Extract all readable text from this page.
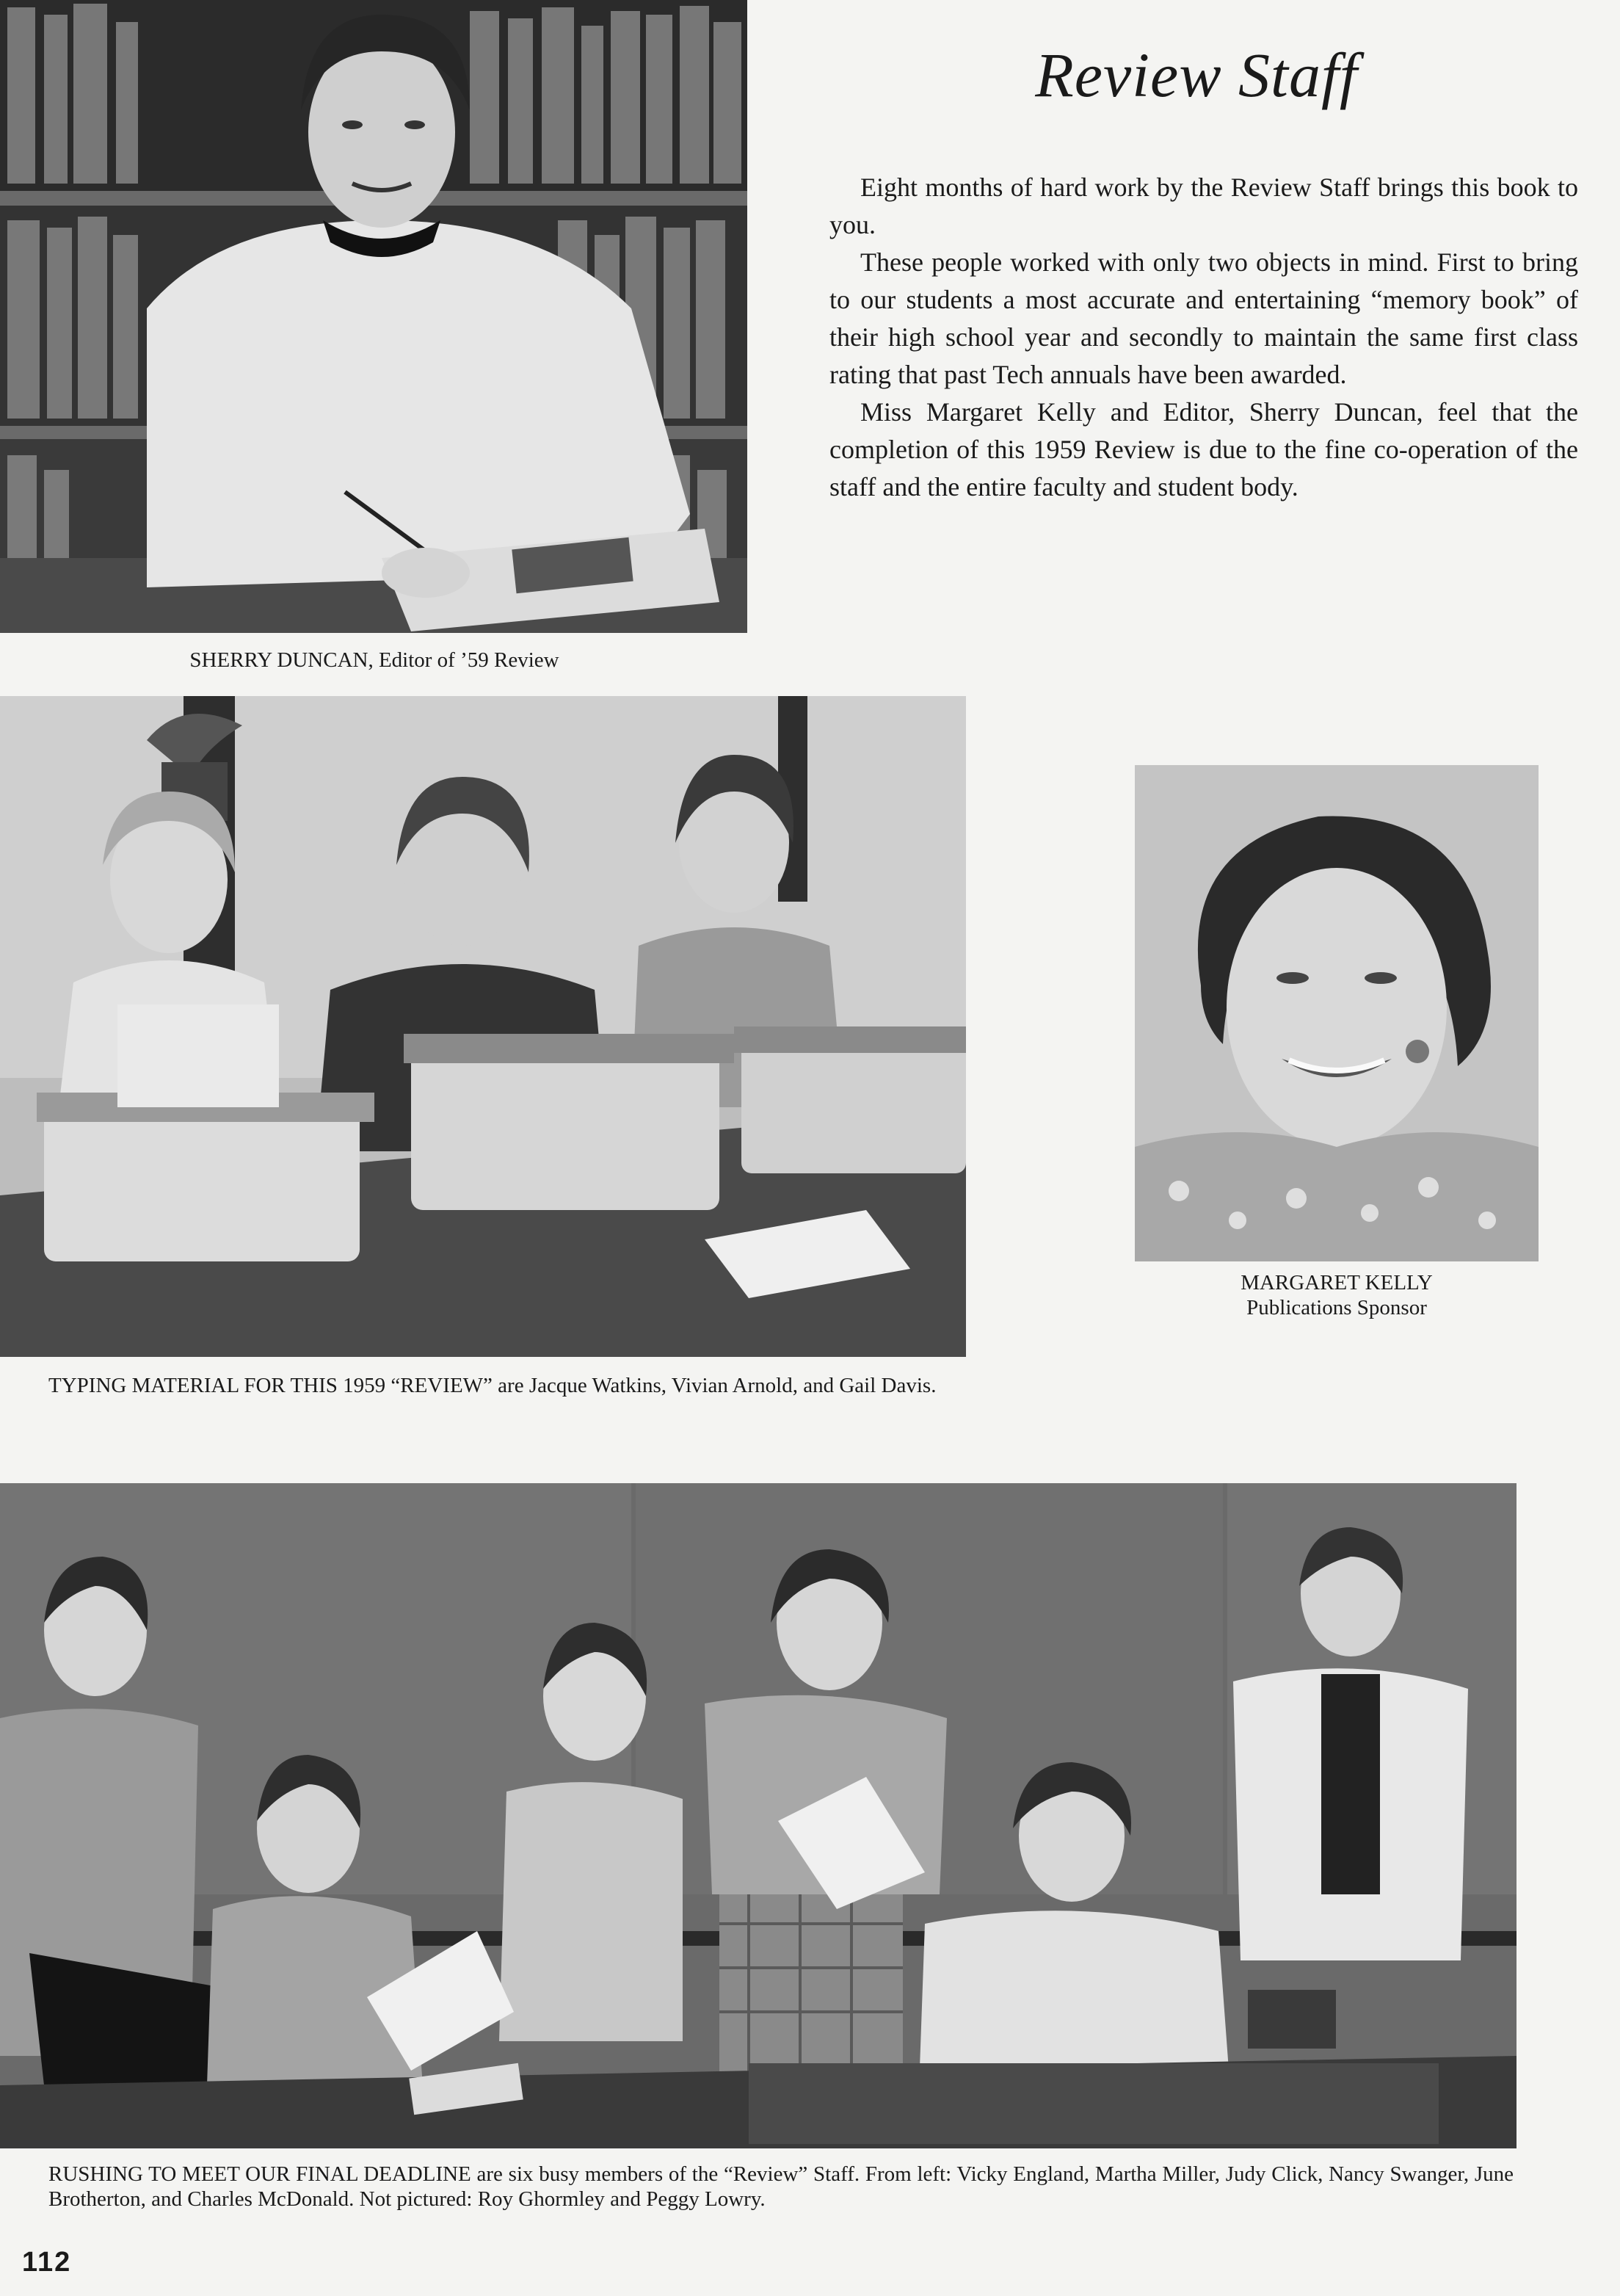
SHERRY DUNCAN, Editor of ’59 Review

Review Staff

Eight months of hard work by the Review Staff brings this book to you.

These people worked with only two objects in mind. First to bring to our students a most accurate and entertaining “memory book” of their high school year and secondly to maintain the same first class rating that past Tech annuals have been awarded.

Miss Margaret Kelly and Editor, Sherry Duncan, feel that the completion of this 1959 Review is due to the fine co-operation of the staff and the entire faculty and student body.

TYPING MATERIAL FOR THIS 1959 “REVIEW” are Jacque Watkins, Vivian Arnold, and Gail Davis.

MARGARET KELLY
Publications Sponsor

RUSHING TO MEET OUR FINAL DEADLINE are six busy members of the “Review” Staff. From left: Vicky England, Martha Miller, Judy Click, Nancy Swanger, June Brotherton, and Charles McDonald. Not pictured: Roy Ghormley and Peggy Lowry.

112
